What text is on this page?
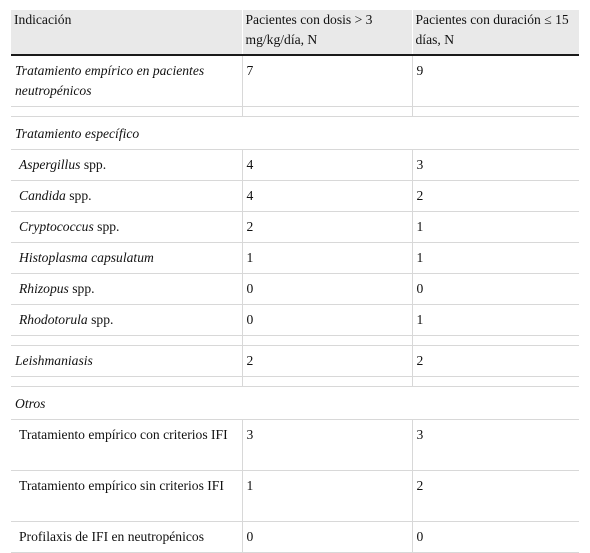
Indicación	Pacientes con dosis > 3 mg/kg/día, N	Pacientes con duración ≤ 15 días, N
Tratamiento empírico en pacientes neutropénicos	7	9

Tratamiento específico		
Aspergillus spp.	4	3
Candida spp.	4	2
Cryptococcus spp.	2	1
Histoplasma capsulatum	1	1
Rhizopus spp.	0	0
Rhodotorula spp.	0	1

Leishmaniasis	2	2

Otros		
Tratamiento empírico con criterios IFI	3	3
Tratamiento empírico sin criterios IFI	1	2
Profilaxis de IFI en neutropénicos	0	0
